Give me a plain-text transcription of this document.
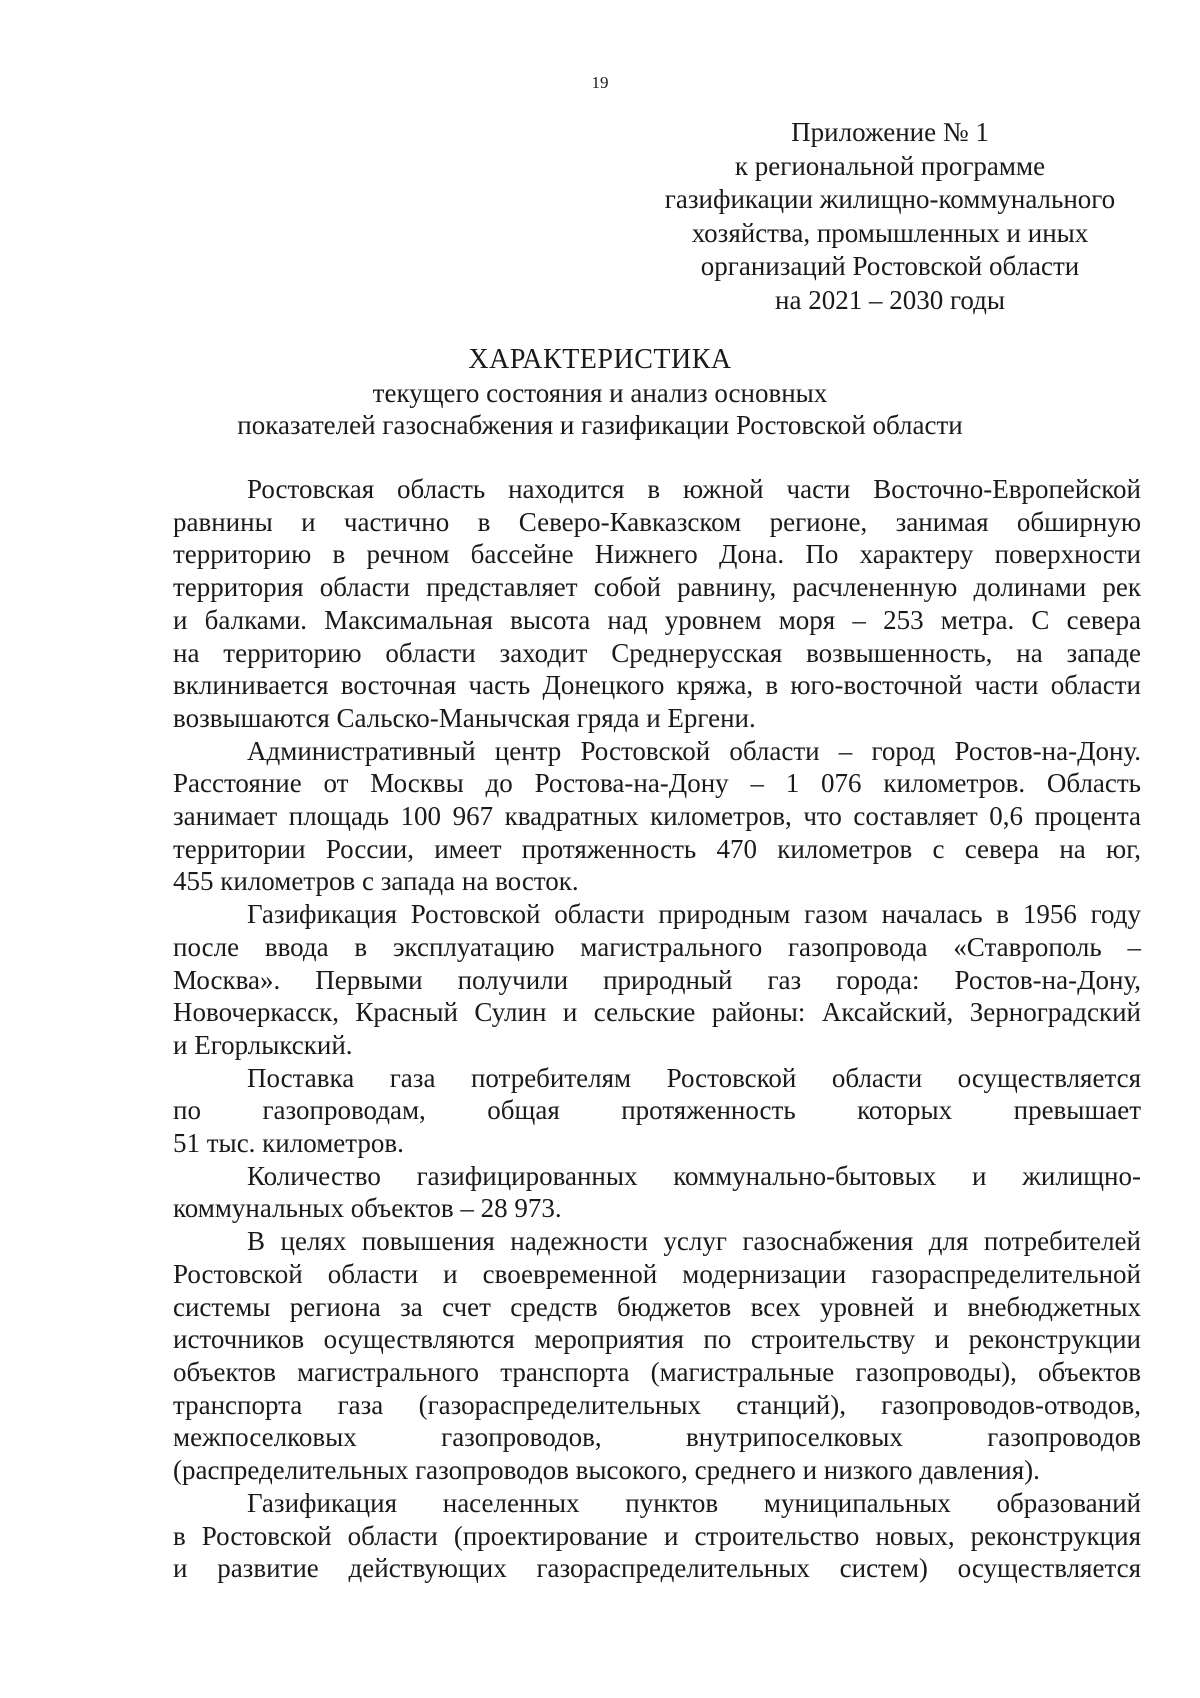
19
Приложение № 1
к региональной программе
газификации жилищно-коммунального
хозяйства, промышленных и иных
организаций Ростовской области
на 2021 – 2030 годы
ХАРАКТЕРИСТИКА
текущего состояния и анализ основных
показателей газоснабжения и газификации Ростовской области
Ростовская область находится в южной части Восточно-Европейской
равнины и частично в Северо-Кавказском регионе, занимая обширную
территорию в речном бассейне Нижнего Дона. По характеру поверхности
территория области представляет собой равнину, расчлененную долинами рек
и балками. Максимальная высота над уровнем моря – 253 метра. С севера
на территорию области заходит Среднерусская возвышенность, на западе
вклинивается восточная часть Донецкого кряжа, в юго-восточной части области
возвышаются Сальско-Манычская гряда и Ергени.
Административный центр Ростовской области – город Ростов-на-Дону.
Расстояние от Москвы до Ростова-на-Дону – 1 076 километров. Область
занимает площадь 100 967 квадратных километров, что составляет 0,6 процента
территории России, имеет протяженность 470 километров с севера на юг,
455 километров с запада на восток.
Газификация Ростовской области природным газом началась в 1956 году
после ввода в эксплуатацию магистрального газопровода «Ставрополь –
Москва». Первыми получили природный газ города: Ростов-на-Дону,
Новочеркасск, Красный Сулин и сельские районы: Аксайский, Зерноградский
и Егорлыкский.
Поставка газа потребителям Ростовской области осуществляется
по газопроводам, общая протяженность которых превышает
51 тыс. километров.
Количество газифицированных коммунально-бытовых и жилищно-
коммунальных объектов – 28 973.
В целях повышения надежности услуг газоснабжения для потребителей
Ростовской области и своевременной модернизации газораспределительной
системы региона за счет средств бюджетов всех уровней и внебюджетных
источников осуществляются мероприятия по строительству и реконструкции
объектов магистрального транспорта (магистральные газопроводы), объектов
транспорта газа (газораспределительных станций), газопроводов-отводов,
межпоселковых газопроводов, внутрипоселковых газопроводов
(распределительных газопроводов высокого, среднего и низкого давления).
Газификация населенных пунктов муниципальных образований
в Ростовской области (проектирование и строительство новых, реконструкция
и развитие действующих газораспределительных систем) осуществляется
